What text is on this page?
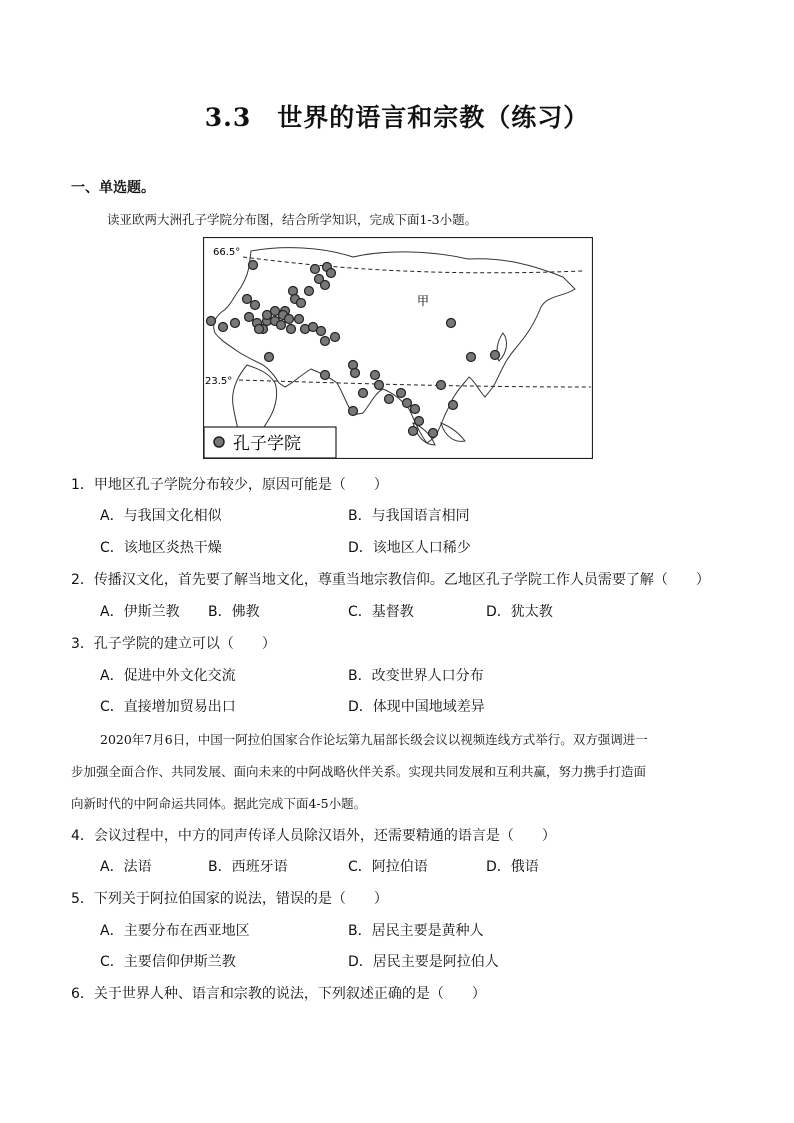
3.3　世界的语言和宗教（练习）
一、单选题。
读亚欧两大洲孔子学院分布图，结合所学知识，完成下面1-3小题。
66.5°
23.5°
甲
孔子学院
1．甲地区孔子学院分布较少，原因可能是（　　）
A．与我国文化相似	B．与我国语言相同
C．该地区炎热干燥	D．该地区人口稀少
2．传播汉文化，首先要了解当地文化，尊重当地宗教信仰。乙地区孔子学院工作人员需要了解（　　）
A．伊斯兰教 B．佛教	C．基督教	D．犹太教
3．孔子学院的建立可以（　　）
A．促进中外文化交流	B．改变世界人口分布
C．直接增加贸易出口	D．体现中国地域差异
2020年7月6日，中国一阿拉伯国家合作论坛第九届部长级会议以视频连线方式举行。双方强调进一
步加强全面合作、共同发展、面向未来的中阿战略伙伴关系。实现共同发展和互利共赢，努力携手打造面
向新时代的中阿命运共同体。据此完成下面4-5小题。
4．会议过程中，中方的同声传译人员除汉语外，还需要精通的语言是（　　）
A．法语	B．西班牙语	C．阿拉伯语	D．俄语
5．下列关于阿拉伯国家的说法，错误的是（　　）
A．主要分布在西亚地区	B．居民主要是黄种人
C．主要信仰伊斯兰教	D．居民主要是阿拉伯人
6．关于世界人种、语言和宗教的说法，下列叙述正确的是（　　）
